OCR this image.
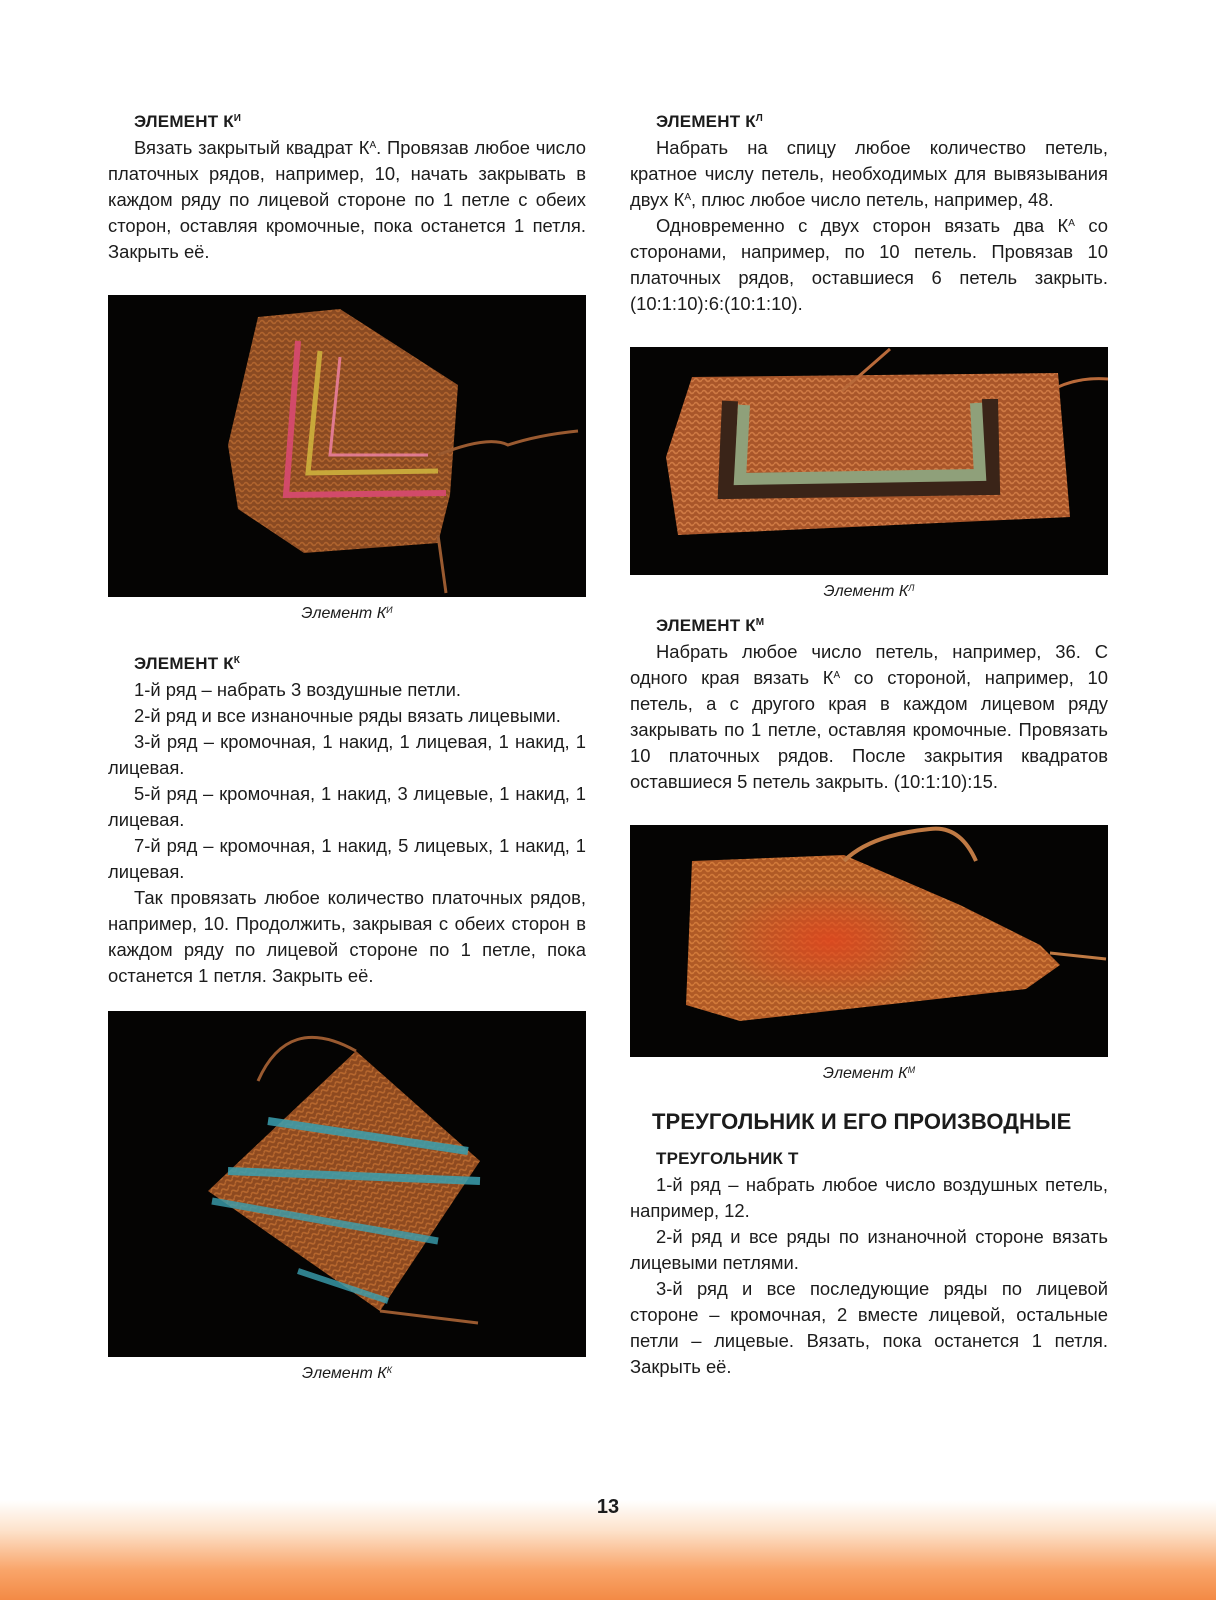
ЭЛЕМЕНТ $К^И$

Вязать закрытый квадрат $К^А$. Провязав любое число платочных рядов, например, 10, начать закрывать в каждом ряду по лицевой стороне по 1 петле с обеих сторон, оставляя кромочные, пока останется 1 петля. Закрыть её.

Элемент $К^И$
ЭЛЕМЕНТ $К^К$

1-й ряд – набрать 3 воздушные петли.

2-й ряд и все изнаночные ряды вязать лицевыми.

3-й ряд – кромочная, 1 накид, 1 лицевая, 1 накид, 1 лицевая.

5-й ряд – кромочная, 1 накид, 3 лицевые, 1 накид, 1 лицевая.

7-й ряд – кромочная, 1 накид, 5 лицевых, 1 накид, 1 лицевая.

Так провязать любое количество платочных рядов, например, 10. Продолжить, закрывая с обеих сторон в каждом ряду по лицевой стороне по 1 петле, пока останется 1 петля. Закрыть её.

Элемент $К^К$
ЭЛЕМЕНТ $К^Л$

Набрать на спицу любое количество петель, кратное числу петель, необходимых для вывязывания двух $К^А$, плюс любое число петель, например, 48.

Одновременно с двух сторон вязать два $К^А$ со сторонами, например, по 10 петель. Провязав 10 платочных рядов, оставшиеся 6 петель закрыть. (10:1:10):6:(10:1:10).

Элемент $К^Л$
ЭЛЕМЕНТ $К^М$

Набрать любое число петель, например, 36. С одного края вязать $К^А$ со стороной, например, 10 петель, а с другого края в каждом лицевом ряду закрывать по 1 петле, оставляя кромочные. Провязать 10 платочных рядов. После закрытия квадратов оставшиеся 5 петель закрыть. (10:1:10):15.

Элемент $К^М$
ТРЕУГОЛЬНИК И ЕГО ПРОИЗВОДНЫЕ
ТРЕУГОЛЬНИК Т

1-й ряд – набрать любое число воздушных петель, например, 12.

2-й ряд и все ряды по изнаночной стороне вязать лицевыми петлями.

3-й ряд и все последующие ряды по лицевой стороне – кромочная, 2 вместе лицевой, остальные петли – лицевые. Вязать, пока останется 1 петля. Закрыть её.

13
